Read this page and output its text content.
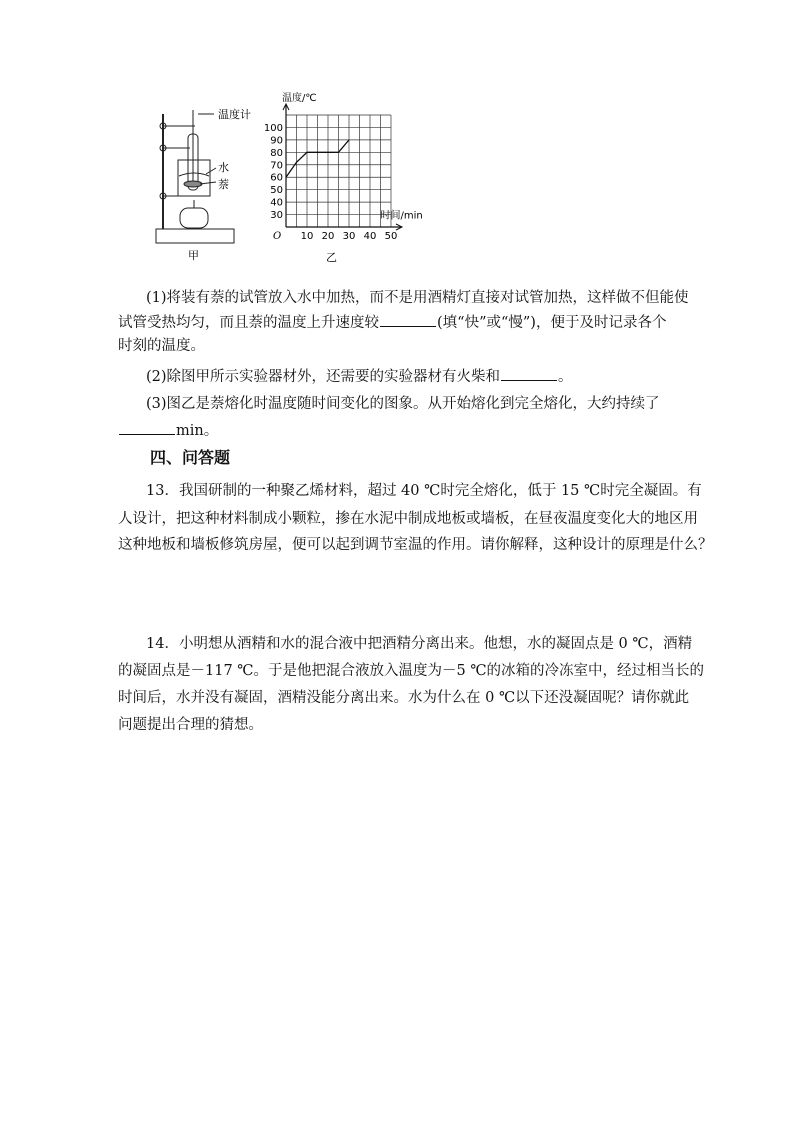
温度计
水
萘
甲
30
40
50
60
70
80
90
100
10 20 30 40 50
O
温度/℃
时间/min
乙
(1)将装有萘的试管放入水中加热，而不是用酒精灯直接对试管加热，这样做不但能使
试管受热均匀，而且萘的温度上升速度较	(填“快”或“慢”)，便于及时记录各个
时刻的温度。
(2)除图甲所示实验器材外，还需要的实验器材有火柴和	。
(3)图乙是萘熔化时温度随时间变化的图象。从开始熔化到完全熔化，大约持续了
min。
四、问答题
13．我国研制的一种聚乙烯材料，超过 40 ℃时完全熔化，低于 15 ℃时完全凝固。有
人设计，把这种材料制成小颗粒，掺在水泥中制成地板或墙板，在昼夜温度变化大的地区用
这种地板和墙板修筑房屋，便可以起到调节室温的作用。请你解释，这种设计的原理是什么？
14．小明想从酒精和水的混合液中把酒精分离出来。他想，水的凝固点是 0 ℃，酒精
的凝固点是－117 ℃。于是他把混合液放入温度为－5 ℃的冰箱的冷冻室中，经过相当长的
时间后，水并没有凝固，酒精没能分离出来。水为什么在 0 ℃以下还没凝固呢？请你就此
问题提出合理的猜想。
